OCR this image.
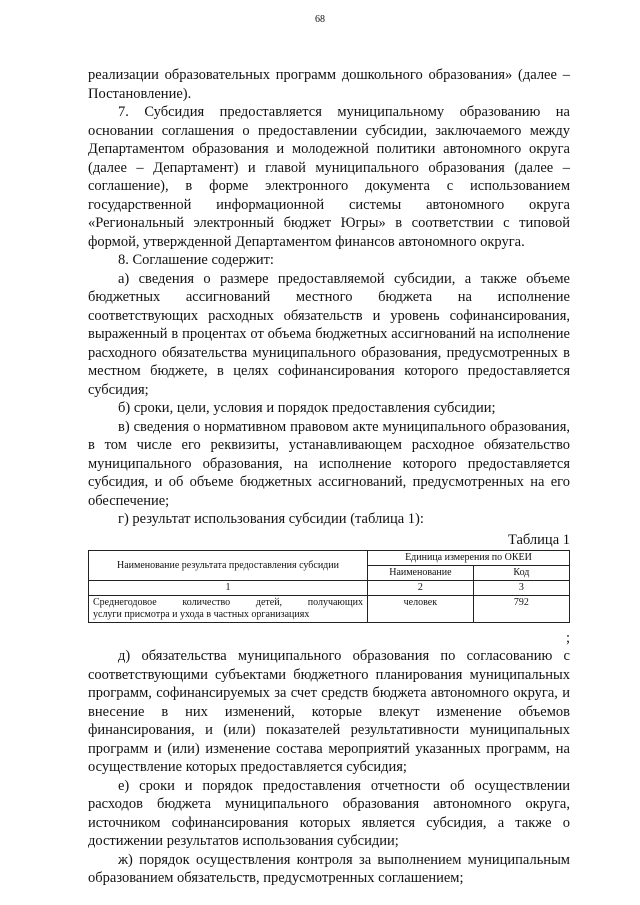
68

реализации образовательных программ дошкольного образования» (далее – Постановление).

7. Субсидия предоставляется муниципальному образованию на основании соглашения о предоставлении субсидии, заключаемого между Департаментом образования и молодежной политики автономного округа (далее – Департамент) и главой муниципального образования (далее – соглашение), в форме электронного документа с использованием государственной информационной системы автономного округа «Региональный электронный бюджет Югры» в соответствии с типовой формой, утвержденной Департаментом финансов автономного округа.

8. Соглашение содержит:

а) сведения о размере предоставляемой субсидии, а также объеме бюджетных ассигнований местного бюджета на исполнение соответствующих расходных обязательств и уровень софинансирования, выраженный в процентах от объема бюджетных ассигнований на исполнение расходного обязательства муниципального образования, предусмотренных в местном бюджете, в целях софинансирования которого предоставляется субсидия;

б) сроки, цели, условия и порядок предоставления субсидии;

в) сведения о нормативном правовом акте муниципального образования, в том числе его реквизиты, устанавливающем расходное обязательство муниципального образования, на исполнение которого предоставляется субсидия, и об объеме бюджетных ассигнований, предусмотренных на его обеспечение;

г) результат использования субсидии (таблица 1):

Таблица 1
Наименование результата предоставления субсидии	Единица измерения по ОКЕИ	
	Наименование	Код
1	2	3

Среднегодовое количество детей, получающих
услуги присмотра и ухода в частных организациях	человек	792
;

д) обязательства муниципального образования по согласованию с соответствующими субъектами бюджетного планирования муниципальных программ, софинансируемых за счет средств бюджета автономного округа, и внесение в них изменений, которые влекут изменение объемов финансирования, и (или) показателей результативности муниципальных программ и (или) изменение состава мероприятий указанных программ, на осуществление которых предоставляется субсидия;

е) сроки и порядок предоставления отчетности об осуществлении расходов бюджета муниципального образования автономного округа, источником софинансирования которых является субсидия, а также о достижении результатов использования субсидии;

ж) порядок осуществления контроля за выполнением муниципальным образованием обязательств, предусмотренных соглашением;
